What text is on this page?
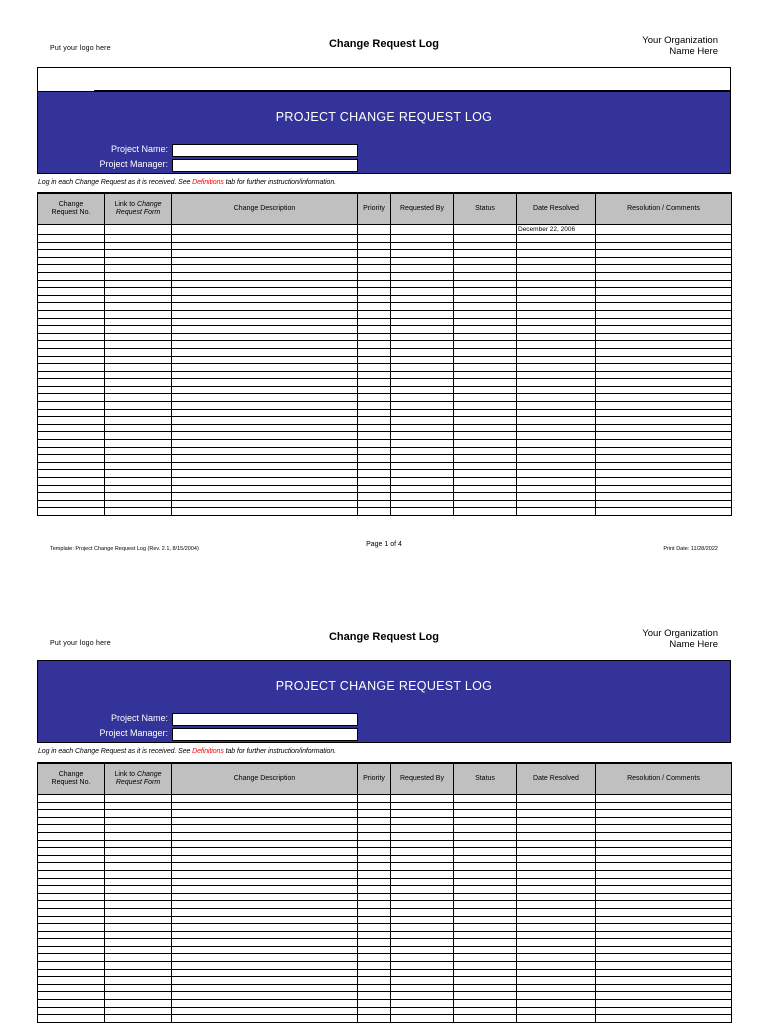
Put your logo here	Change Request Log	Your Organization
Name Here
PROJECT CHANGE REQUEST LOG
Project Name:
Project Manager:
Log in each Change Request as it is received. See Definitions tab for further instruction/information.
Change
Request No.	Link to Change Request Form	Change Description	Priority	Requested By	Status	Date Resolved	Resolution / Comments
						December 22, 2006	

Template: Project Change Request Log (Rev. 2.1, 8/15/2004)
Page 1 of 4
Print Date: 11/28/2022
Put your logo here
Change Request Log	Your Organization
Name Here
PROJECT CHANGE REQUEST LOG
Project Name:
Project Manager:
Log in each Change Request as it is received. See Definitions tab for further instruction/information.
Change
Request No.	Link to Change Request Form	Change Description	Priority	Requested By	Status	Date Resolved	Resolution / Comments
